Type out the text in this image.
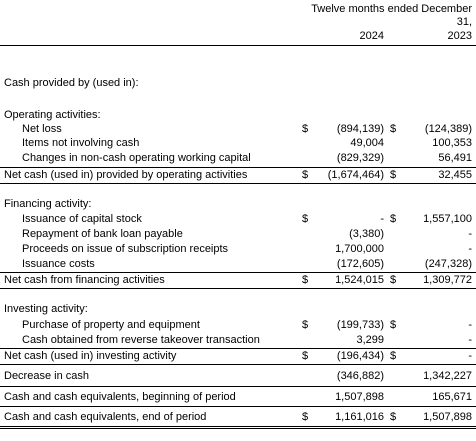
Twelve months ended December
31,
2024	2023
Cash provided by (used in):
Operating activities:
Net loss	$	(894,139) $	(124,389)
Items not involving cash	49,004	100,353
Changes in non-cash operating working capital	(829,329)	56,491
Net cash (used in) provided by operating activities	$ (1,674,464) $	32,455
Financing activity:
Issuance of capital stock	$	- $ 1,557,100
Repayment of bank loan payable	(3,380)	-
Proceeds on issue of subscription receipts	1,700,000	-
Issuance costs	(172,605)	(247,328)
Net cash from financing activities	$ 1,524,015 $ 1,309,772
Investing activity:
Purchase of property and equipment	$	(199,733) $	-
Cash obtained from reverse takeover transaction	3,299	-
Net cash (used in) investing activity	$	(196,434) $	-
Decrease in cash	(346,882)	1,342,227
Cash and cash equivalents, beginning of period	1,507,898	165,671
Cash and cash equivalents, end of period	$ 1,161,016 $ 1,507,898
